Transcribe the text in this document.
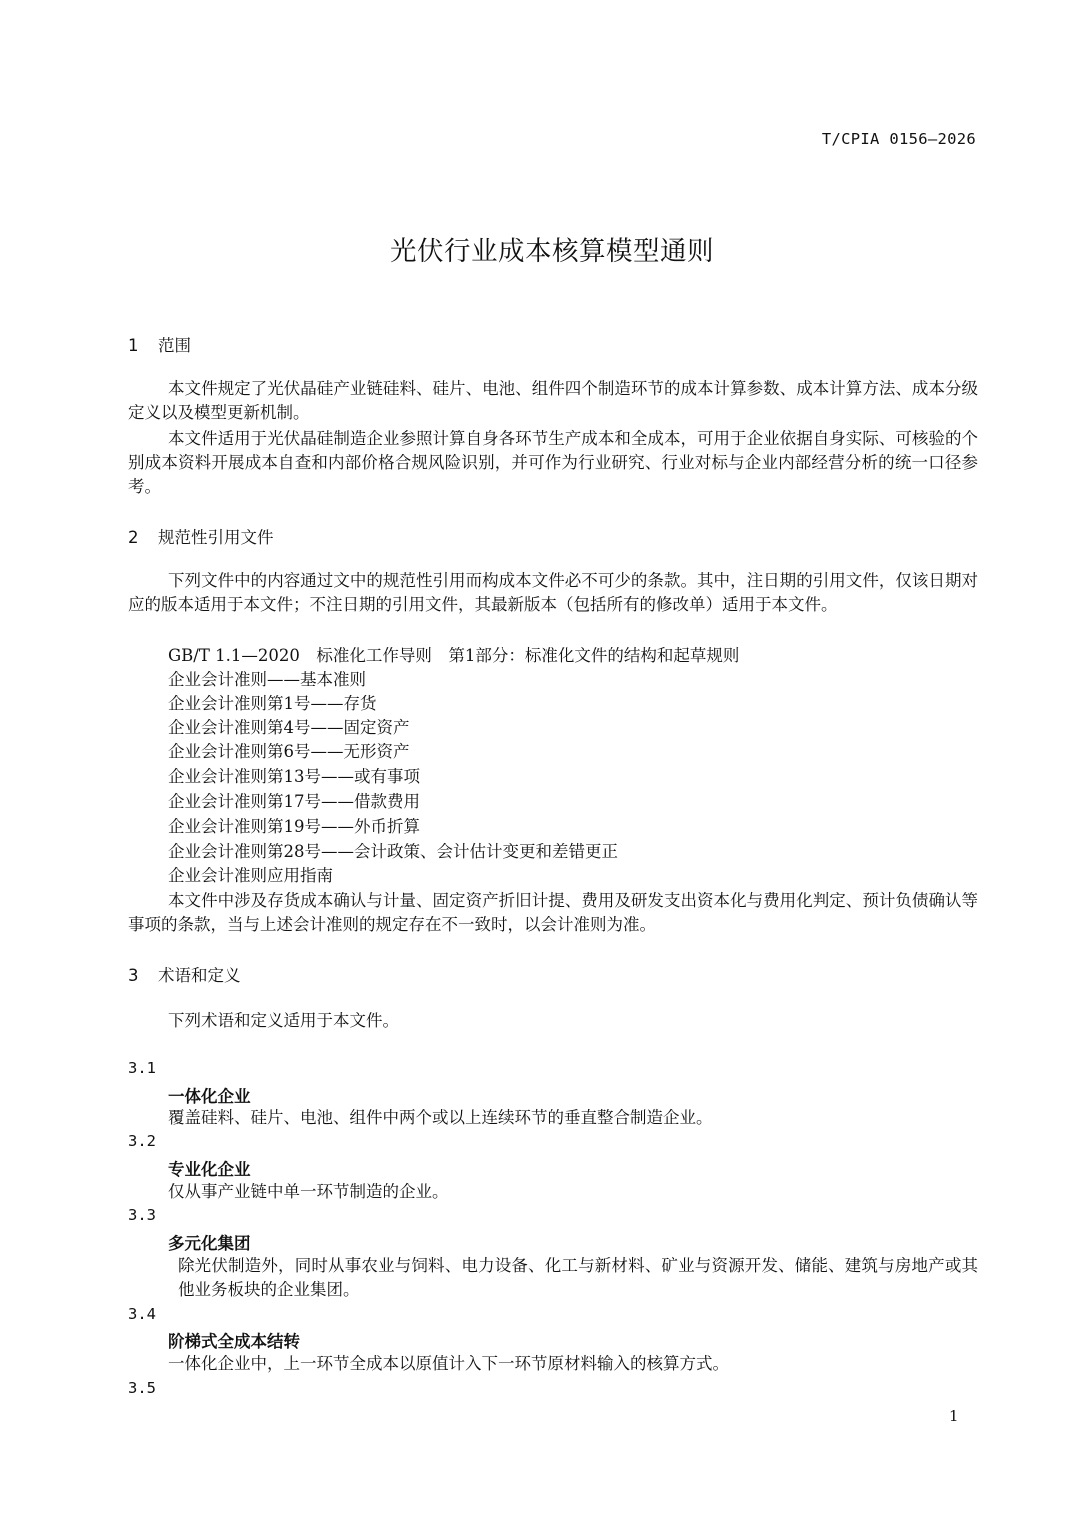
T/CPIA 0156—2026
光伏行业成本核算模型通则
1 范围
本文件规定了光伏晶硅产业链硅料、硅片、电池、组件四个制造环节的成本计算参数、成本计算方法、成本分级定义以及模型更新机制。
本文件适用于光伏晶硅制造企业参照计算自身各环节生产成本和全成本，可用于企业依据自身实际、可核验的个别成本资料开展成本自查和内部价格合规风险识别，并可作为行业研究、行业对标与企业内部经营分析的统一口径参考。
2 规范性引用文件
下列文件中的内容通过文中的规范性引用而构成本文件必不可少的条款。其中，注日期的引用文件，仅该日期对应的版本适用于本文件；不注日期的引用文件，其最新版本（包括所有的修改单）适用于本文件。
GB/T 1.1—2020　标准化工作导则　第1部分：标准化文件的结构和起草规则
企业会计准则——基本准则
企业会计准则第1号——存货
企业会计准则第4号——固定资产
企业会计准则第6号——无形资产
企业会计准则第13号——或有事项
企业会计准则第17号——借款费用
企业会计准则第19号——外币折算
企业会计准则第28号——会计政策、会计估计变更和差错更正
企业会计准则应用指南
本文件中涉及存货成本确认与计量、固定资产折旧计提、费用及研发支出资本化与费用化判定、预计负债确认等事项的条款，当与上述会计准则的规定存在不一致时，以会计准则为准。
3 术语和定义
下列术语和定义适用于本文件。
3.1
一体化企业
覆盖硅料、硅片、电池、组件中两个或以上连续环节的垂直整合制造企业。
3.2
专业化企业
仅从事产业链中单一环节制造的企业。
3.3
多元化集团
除光伏制造外，同时从事农业与饲料、电力设备、化工与新材料、矿业与资源开发、储能、建筑与房地产或其他业务板块的企业集团。
3.4
阶梯式全成本结转
一体化企业中，上一环节全成本以原值计入下一环节原材料输入的核算方式。
3.5
1
